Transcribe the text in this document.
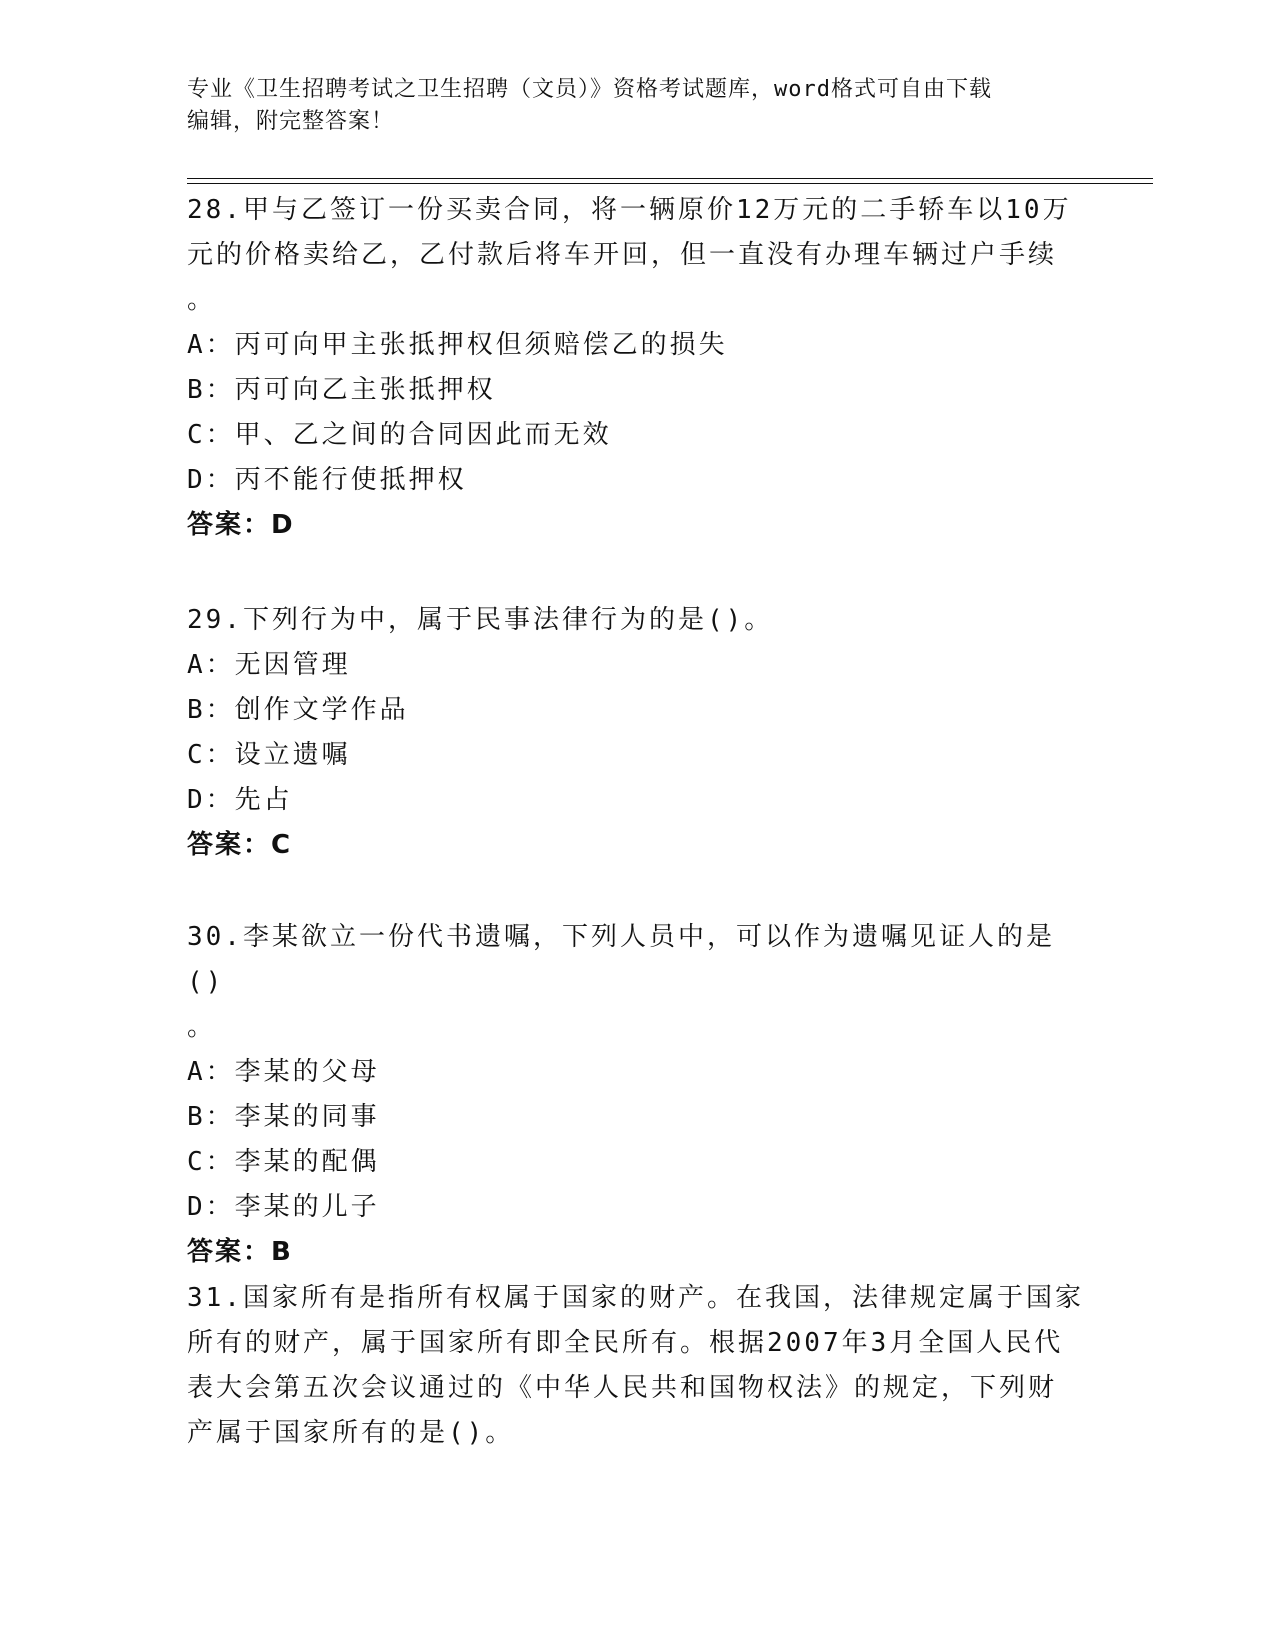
专业《卫生招聘考试之卫生招聘（文员）》资格考试题库，word格式可自由下载
编辑，附完整答案！
28.甲与乙签订一份买卖合同，将一辆原价12万元的二手轿车以10万
元的价格卖给乙，乙付款后将车开回，但一直没有办理车辆过户手续
。
A：丙可向甲主张抵押权但须赔偿乙的损失
B：丙可向乙主张抵押权
C：甲、乙之间的合同因此而无效
D：丙不能行使抵押权
答案：D
29.下列行为中，属于民事法律行为的是()。
A：无因管理
B：创作文学作品
C：设立遗嘱
D：先占
答案：C
30.李某欲立一份代书遗嘱，下列人员中，可以作为遗嘱见证人的是()
。
A：李某的父母
B：李某的同事
C：李某的配偶
D：李某的儿子
答案：B
31.国家所有是指所有权属于国家的财产。在我国，法律规定属于国家
所有的财产，属于国家所有即全民所有。根据2007年3月全国人民代
表大会第五次会议通过的《中华人民共和国物权法》的规定，下列财
产属于国家所有的是()。
